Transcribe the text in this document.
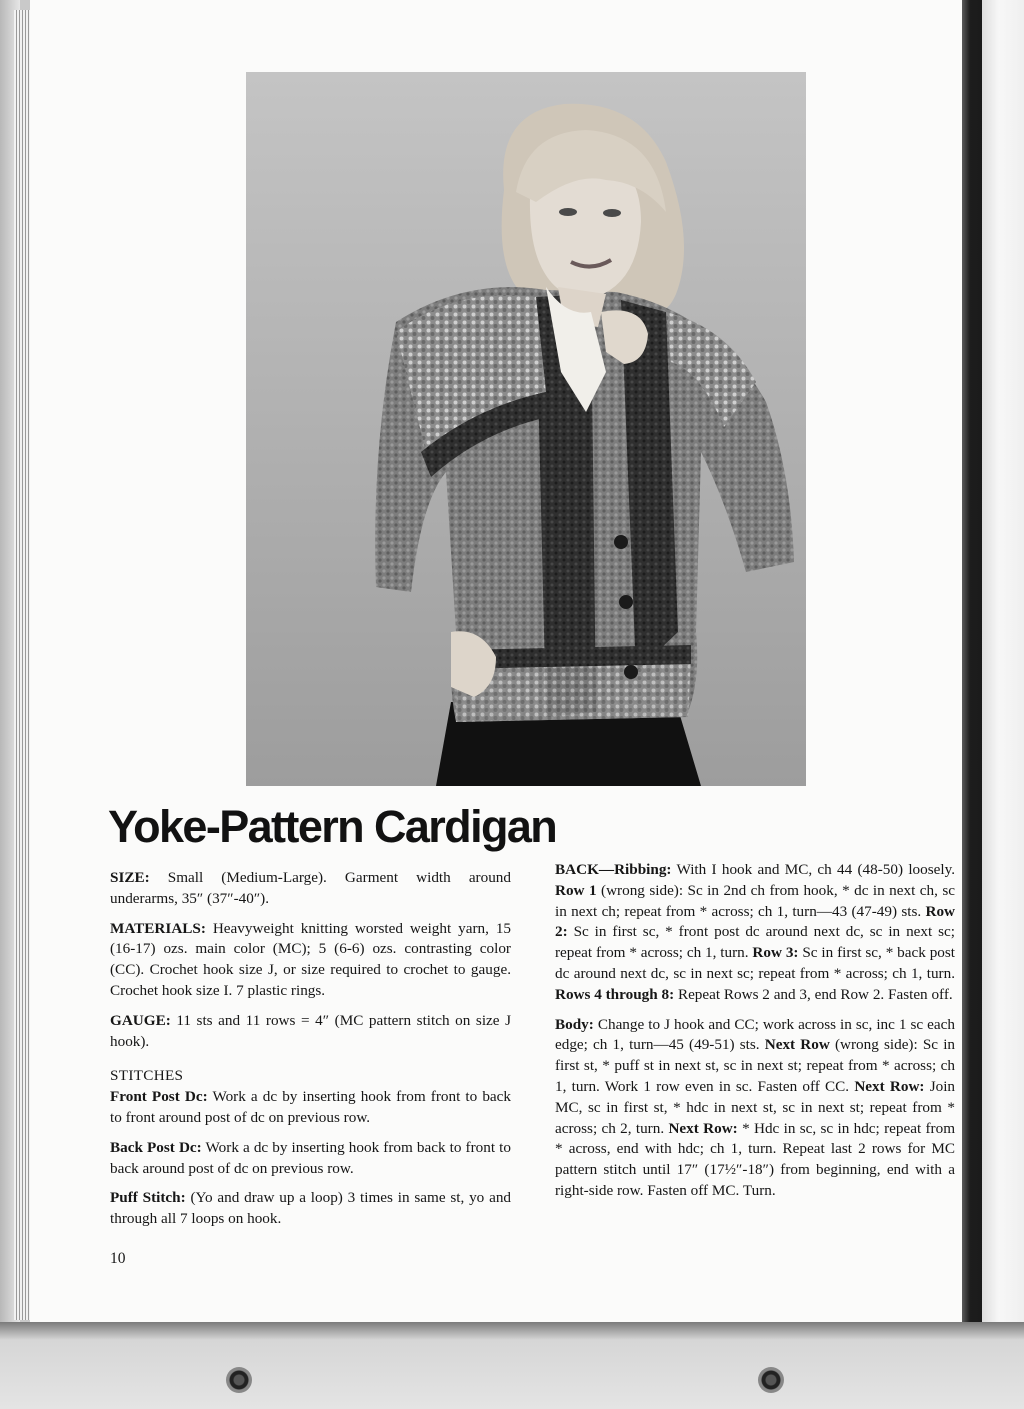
Yoke-Pattern Cardigan

SIZE: Small (Medium-Large). Garment width around underarms, 35″ (37″-40″).

MATERIALS: Heavyweight knitting worsted weight yarn, 15 (16-17) ozs. main color (MC); 5 (6-6) ozs. contrasting color (CC). Crochet hook size J, or size required to crochet to gauge. Crochet hook size I. 7 plastic rings.

GAUGE: 11 sts and 11 rows = 4″ (MC pattern stitch on size J hook).

STITCHES

Front Post Dc: Work a dc by inserting hook from front to back to front around post of dc on previous row.

Back Post Dc: Work a dc by inserting hook from back to front to back around post of dc on previous row.

Puff Stitch: (Yo and draw up a loop) 3 times in same st, yo and through all 7 loops on hook.

BACK—Ribbing: With I hook and MC, ch 44 (48-50) loosely. Row 1 (wrong side): Sc in 2nd ch from hook, * dc in next ch, sc in next ch; repeat from * across; ch 1, turn—43 (47-49) sts. Row 2: Sc in first sc, * front post dc around next dc, sc in next sc; repeat from * across; ch 1, turn. Row 3: Sc in first sc, * back post dc around next dc, sc in next sc; repeat from * across; ch 1, turn. Rows 4 through 8: Repeat Rows 2 and 3, end Row 2. Fasten off.

Body: Change to J hook and CC; work across in sc, inc 1 sc each edge; ch 1, turn—45 (49-51) sts. Next Row (wrong side): Sc in first st, * puff st in next st, sc in next st; repeat from * across; ch 1, turn. Work 1 row even in sc. Fasten off CC. Next Row: Join MC, sc in first st, * hdc in next st, sc in next st; repeat from * across; ch 2, turn. Next Row: * Hdc in sc, sc in hdc; repeat from * across, end with hdc; ch 1, turn. Repeat last 2 rows for MC pattern stitch until 17″ (17½″-18″) from beginning, end with a right-side row. Fasten off MC. Turn.

10
